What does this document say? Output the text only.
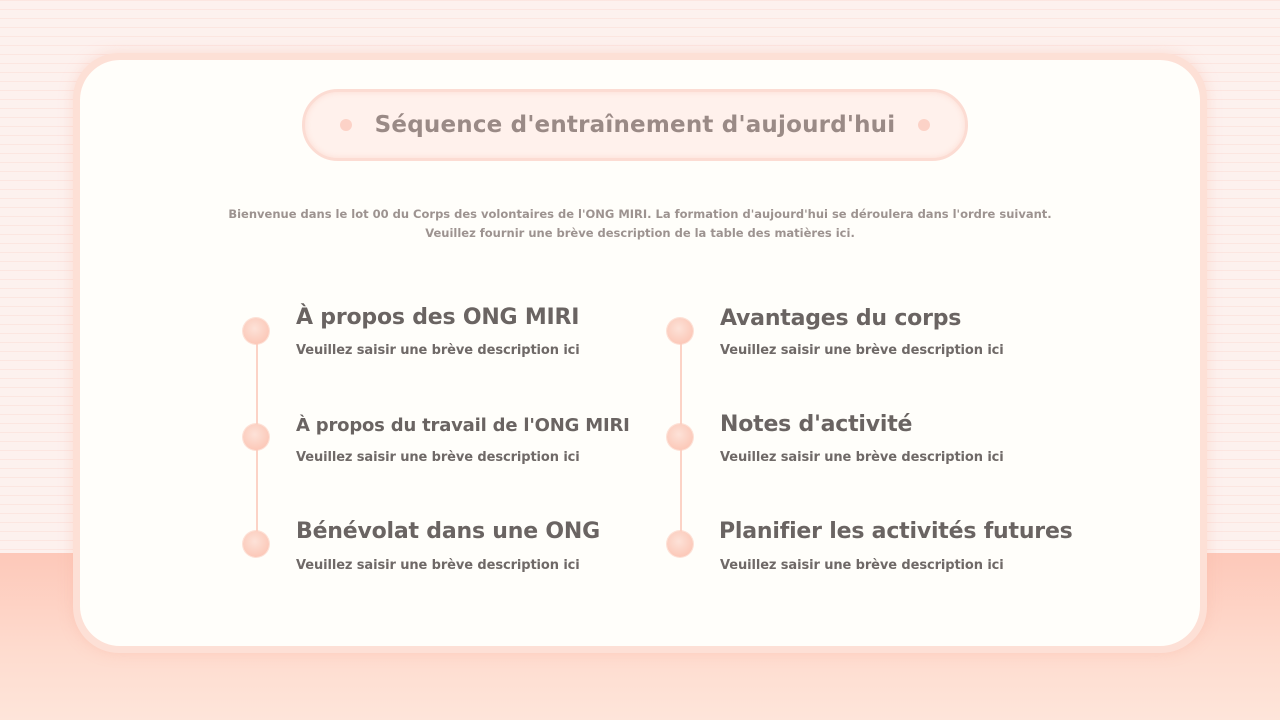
Séquence d'entraînement d'aujourd'hui
Bienvenue dans le lot 00 du Corps des volontaires de l'ONG MIRI. La formation d'aujourd'hui se déroulera dans l'ordre suivant.
Veuillez fournir une brève description de la table des matières ici.
À propos des ONG MIRI
Veuillez saisir une brève description ici
À propos du travail de l'ONG MIRI
Veuillez saisir une brève description ici
Bénévolat dans une ONG
Veuillez saisir une brève description ici
Avantages du corps
Veuillez saisir une brève description ici
Notes d'activité
Veuillez saisir une brève description ici
Planifier les activités futures
Veuillez saisir une brève description ici
